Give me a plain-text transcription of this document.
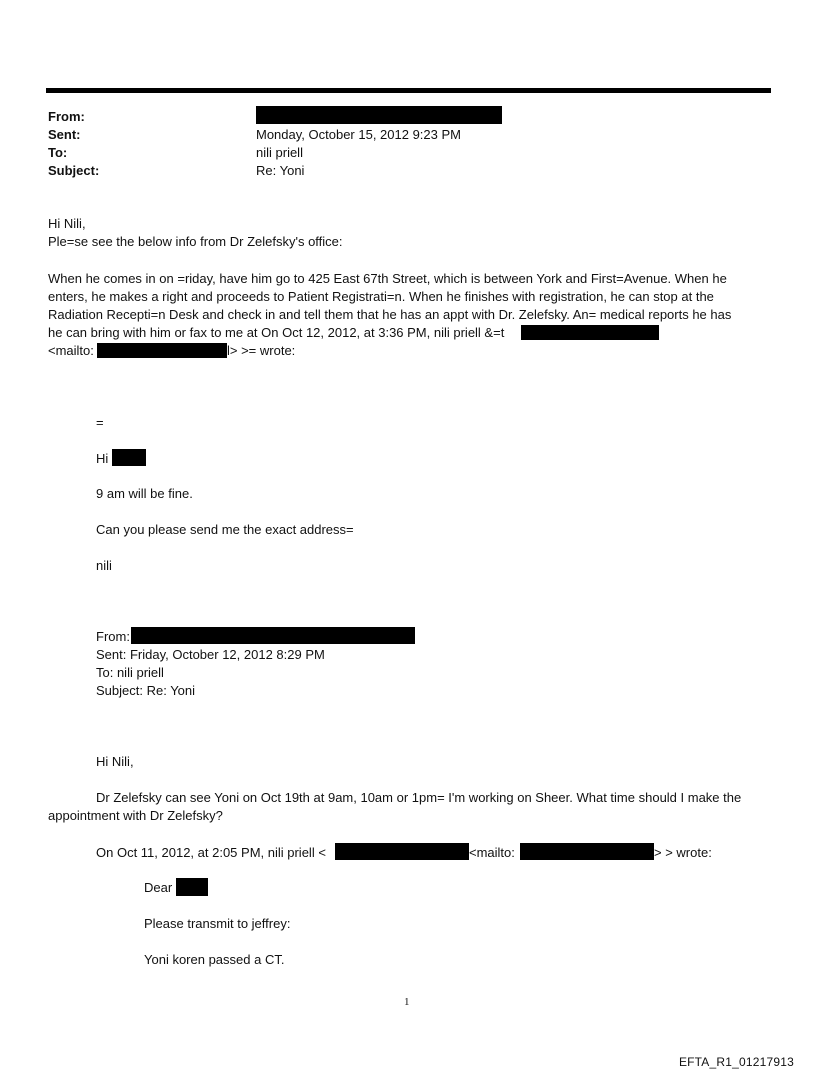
From:
Sent:	Monday, October 15, 2012 9:23 PM
To:	nili priell
Subject:	Re: Yoni
Hi Nili,
Ple=se see the below info from Dr Zelefsky's office:
When he comes in on =riday, have him go to 425 East 67th Street, which is between York and First=Avenue. When he
enters, he makes a right and proceeds to Patient Registrati=n. When he finishes with registration, he can stop at the
Radiation Recepti=n Desk and check in and tell them that he has an appt with Dr. Zelefsky. An= medical reports he has
he can bring with him or fax to me at On Oct 12, 2012, at 3:36 PM, nili priell &=t
<mailto:	l> >= wrote:
=
Hi
9 am will be fine.
Can you please send me the exact address=
nili
From:
Sent: Friday, October 12, 2012 8:29 PM
To: nili priell
Subject: Re: Yoni
Hi Nili,
Dr Zelefsky can see Yoni on Oct 19th at 9am, 10am or 1pm= I'm working on Sheer. What time should I make the
appointment with Dr Zelefsky?
On Oct 11, 2012, at 2:05 PM, nili priell <	<mailto:	> > wrote:
Dear
Please transmit to jeffrey:
Yoni koren passed a CT.
1
EFTA_R1_01217913
